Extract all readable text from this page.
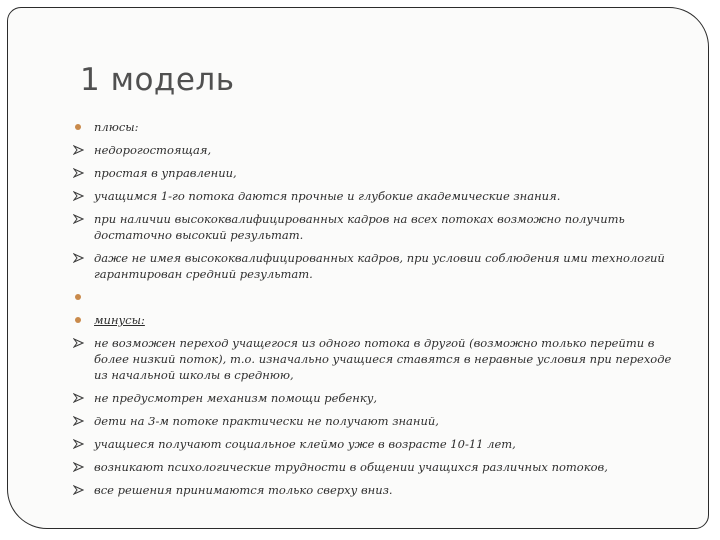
1 модель
плюсы:
недорогостоящая,
простая в управлении,
учащимся 1-го потока даются прочные и глубокие академические знания.
при наличии высококвалифицированных кадров на всех потоках возможно получить достаточно высокий результат.
даже не имея высококвалифицированных кадров, при условии соблюдения ими технологий гарантирован средний результат.
минусы:
не возможен переход учащегося из одного потока в другой (возможно только перейти в более низкий поток), т.о. изначально учащиеся ставятся в неравные условия при переходе из начальной школы в среднюю,
не предусмотрен механизм помощи ребенку,
дети на 3-м потоке практически не получают знаний,
учащиеся получают социальное клеймо уже в возрасте 10-11 лет,
возникают психологические трудности в общении учащихся различных потоков,
все решения принимаются только сверху вниз.
